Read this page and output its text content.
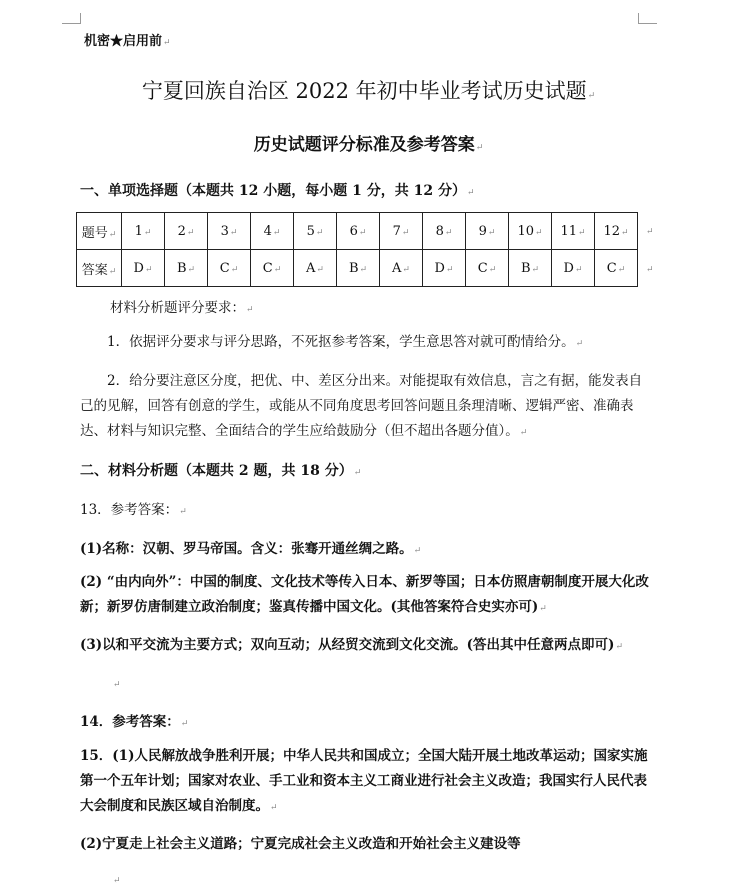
机密★启用前↵
宁夏回族自治区 2022 年初中毕业考试历史试题↵
历史试题评分标准及参考答案↵
一、单项选择题（本题共 12 小题，每小题 1 分，共 12 分）↵
题号↵	1↵	2↵	3↵	4↵	5↵	6↵	7↵	8↵	9↵	10↵	11↵	12↵
答案↵	D↵	B↵	C↵	C↵	A↵	B↵	A↵	D↵	C↵	B↵	D↵	C↵
↵
↵
材料分析题评分要求：↵
1．依据评分要求与评分思路，不死抠参考答案，学生意思答对就可酌情给分。↵
2．给分要注意区分度，把优、中、差区分出来。对能提取有效信息，言之有据，能发表自己的见解，回答有创意的学生，或能从不同角度思考回答问题且条理清晰、逻辑严密、准确表达、材料与知识完整、全面结合的学生应给鼓励分（但不超出各题分值）。↵
二、材料分析题（本题共 2 题，共 18 分）↵
13．参考答案：↵
(1)名称：汉朝、罗马帝国。含义：张骞开通丝绸之路。↵
(2) “由内向外”：中国的制度、文化技术等传入日本、新罗等国；日本仿照唐朝制度开展大化改新；新罗仿唐制建立政治制度；鉴真传播中国文化。(其他答案符合史实亦可)↵
(3)以和平交流为主要方式；双向互动；从经贸交流到文化交流。(答出其中任意两点即可)↵
↵
14．参考答案：↵
15．(1)人民解放战争胜利开展；中华人民共和国成立；全国大陆开展土地改革运动；国家实施第一个五年计划；国家对农业、手工业和资本主义工商业进行社会主义改造；我国实行人民代表大会制度和民族区域自治制度。↵
(2)宁夏走上社会主义道路；宁夏完成社会主义改造和开始社会主义建设等
↵
